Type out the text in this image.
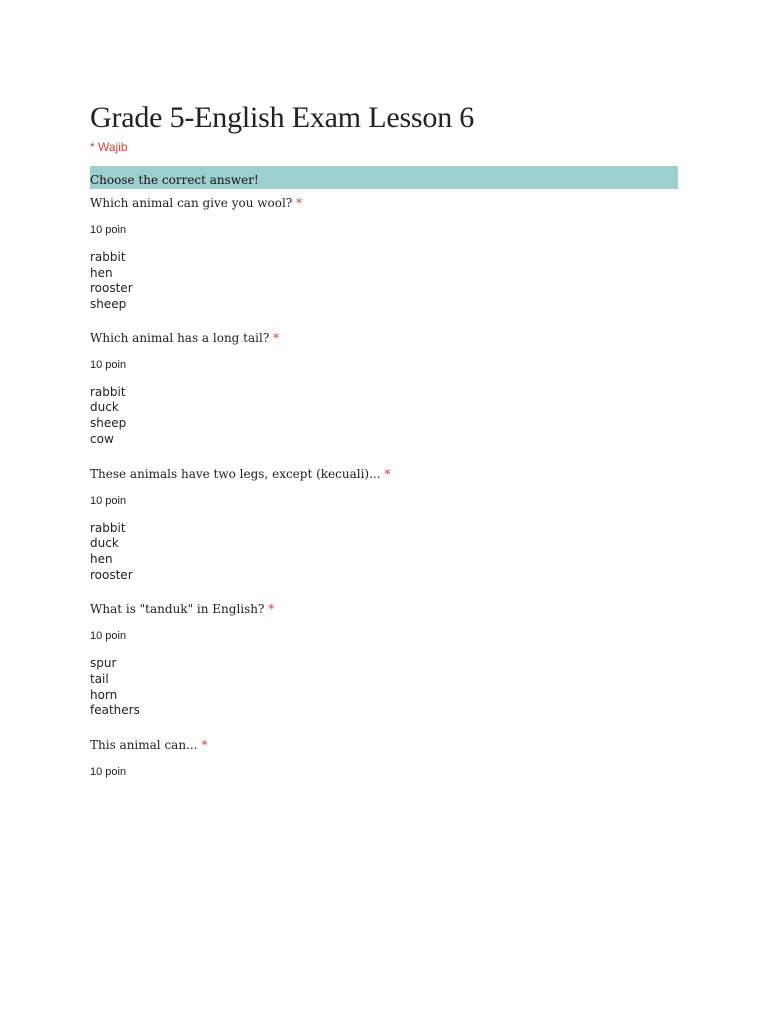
Grade 5-English Exam Lesson 6
* Wajib
Choose the correct answer!
Which animal can give you wool? *
10 poin
rabbit
hen
rooster
sheep
Which animal has a long tail? *
10 poin
rabbit
duck
sheep
cow
These animals have two legs, except (kecuali)... *
10 poin
rabbit
duck
hen
rooster
What is "tanduk" in English? *
10 poin
spur
tail
horn
feathers
This animal can... *
10 poin
